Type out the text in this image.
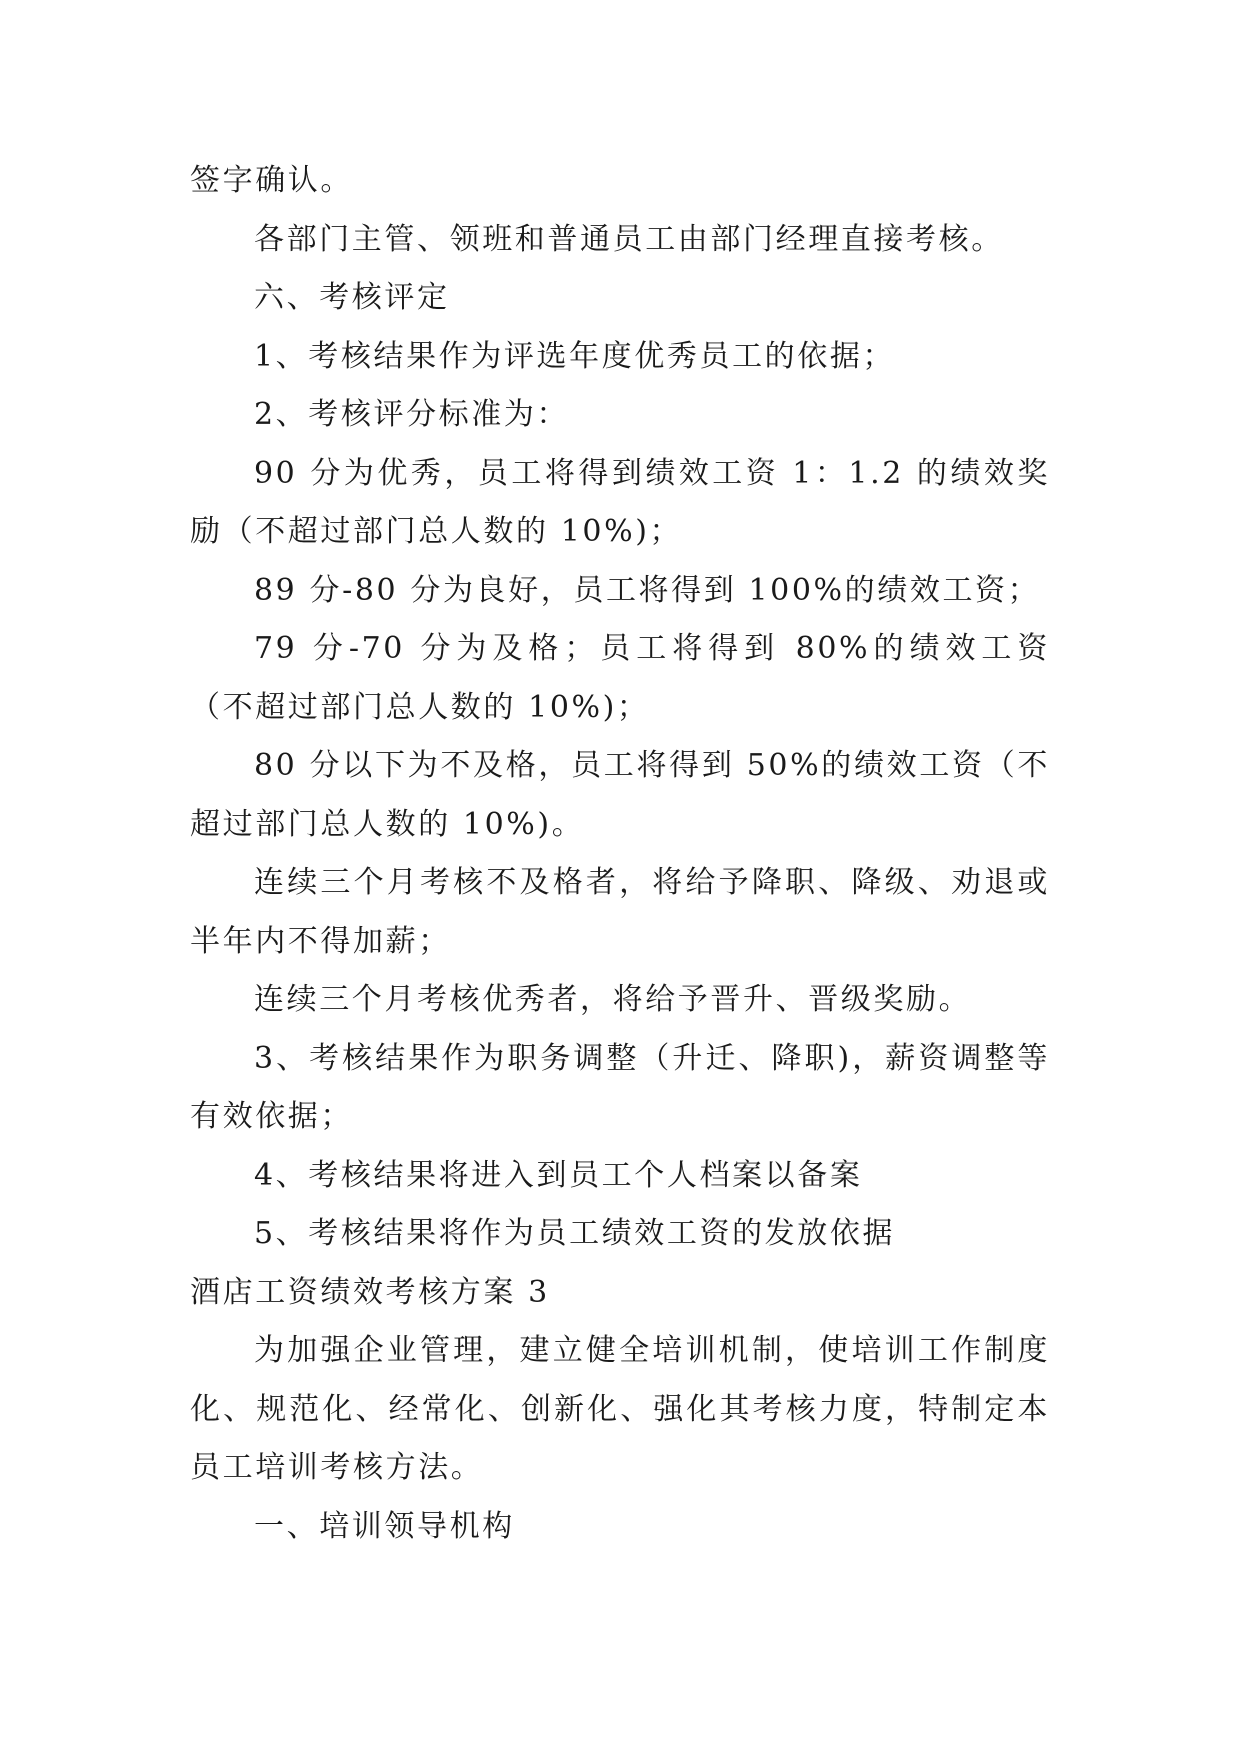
签字确认。

各部门主管、领班和普通员工由部门经理直接考核。

六、考核评定

1、考核结果作为评选年度优秀员工的依据；

2、考核评分标准为：

90 分为优秀，员工将得到绩效工资 1：1.2 的绩效奖励（不超过部门总人数的 10%)；

89 分-80 分为良好，员工将得到 100%的绩效工资；

79 分-70 分为及格；员工将得到 80%的绩效工资（不超过部门总人数的 10%)；

80 分以下为不及格，员工将得到 50%的绩效工资（不超过部门总人数的 10%)。

连续三个月考核不及格者，将给予降职、降级、劝退或半年内不得加薪；

连续三个月考核优秀者，将给予晋升、晋级奖励。

3、考核结果作为职务调整（升迁、降职)，薪资调整等有效依据；

4、考核结果将进入到员工个人档案以备案

5、考核结果将作为员工绩效工资的发放依据

酒店工资绩效考核方案 3

为加强企业管理，建立健全培训机制，使培训工作制度化、规范化、经常化、创新化、强化其考核力度，特制定本员工培训考核方法。

一、培训领导机构
